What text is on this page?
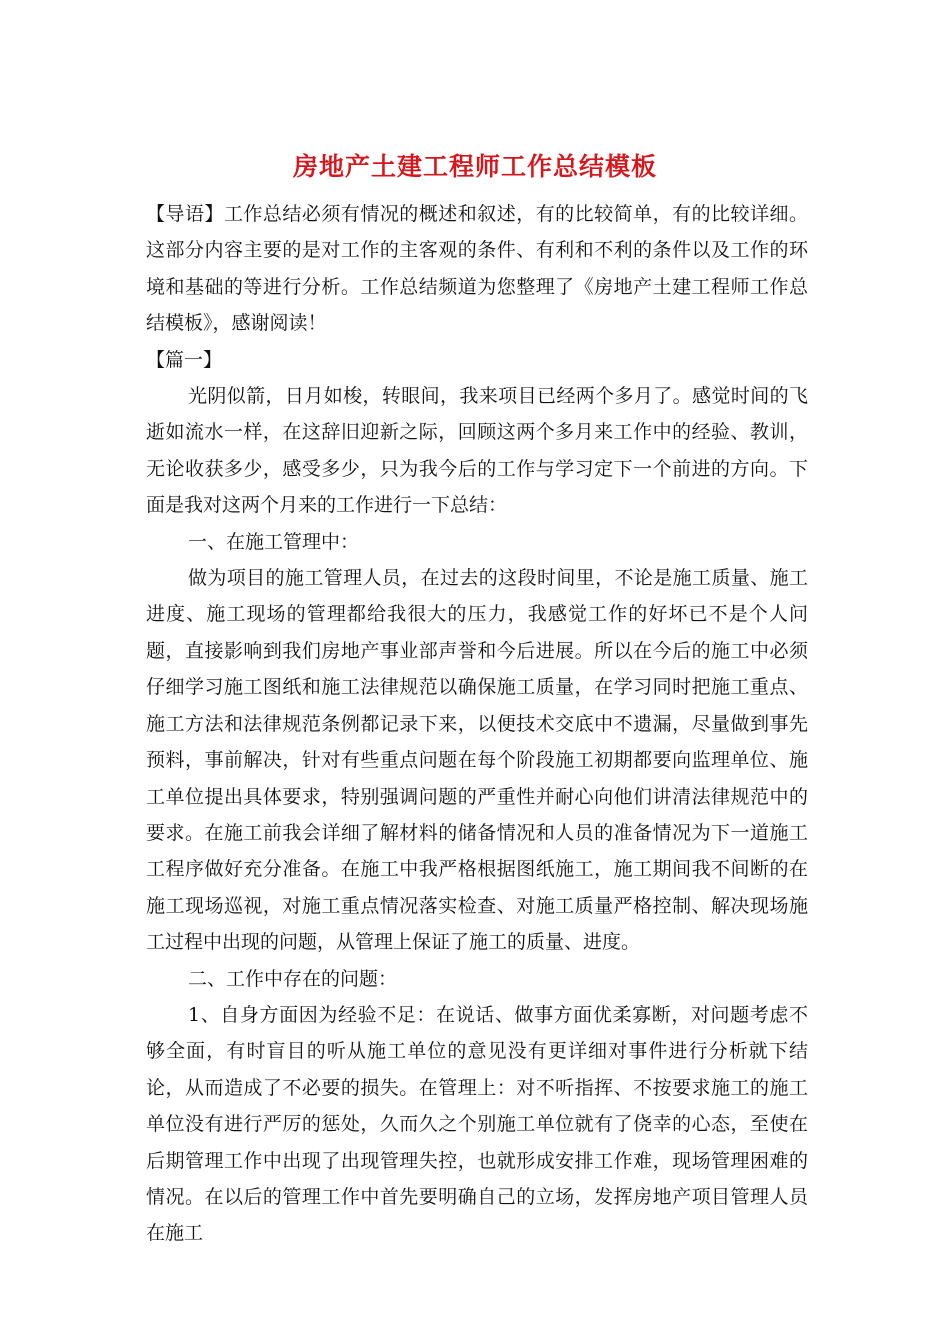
房地产土建工程师工作总结模板

【导语】工作总结必须有情况的概述和叙述，有的比较简单，有的比较详细。这部分内容主要的是对工作的主客观的条件、有利和不利的条件以及工作的环境和基础的等进行分析。工作总结频道为您整理了《房地产土建工程师工作总结模板》，感谢阅读！

【篇一】

光阴似箭，日月如梭，转眼间，我来项目已经两个多月了。感觉时间的飞逝如流水一样，在这辞旧迎新之际，回顾这两个多月来工作中的经验、教训，无论收获多少，感受多少，只为我今后的工作与学习定下一个前进的方向。下面是我对这两个月来的工作进行一下总结：

一、在施工管理中：

做为项目的施工管理人员，在过去的这段时间里，不论是施工质量、施工进度、施工现场的管理都给我很大的压力，我感觉工作的好坏已不是个人问题，直接影响到我们房地产事业部声誉和今后进展。所以在今后的施工中必须仔细学习施工图纸和施工法律规范以确保施工质量，在学习同时把施工重点、施工方法和法律规范条例都记录下来，以便技术交底中不遗漏，尽量做到事先预料，事前解决，针对有些重点问题在每个阶段施工初期都要向监理单位、施工单位提出具体要求，特别强调问题的严重性并耐心向他们讲清法律规范中的要求。在施工前我会详细了解材料的储备情况和人员的准备情况为下一道施工工程序做好充分准备。在施工中我严格根据图纸施工，施工期间我不间断的在施工现场巡视，对施工重点情况落实检查、对施工质量严格控制、解决现场施工过程中出现的问题，从管理上保证了施工的质量、进度。

二、工作中存在的问题：

1、自身方面因为经验不足：在说话、做事方面优柔寡断，对问题考虑不够全面，有时盲目的听从施工单位的意见没有更详细对事件进行分析就下结论，从而造成了不必要的损失。在管理上：对不听指挥、不按要求施工的施工单位没有进行严厉的惩处，久而久之个别施工单位就有了侥幸的心态，至使在后期管理工作中出现了出现管理失控，也就形成安排工作难，现场管理困难的情况。在以后的管理工作中首先要明确自己的立场，发挥房地产项目管理人员在施工
